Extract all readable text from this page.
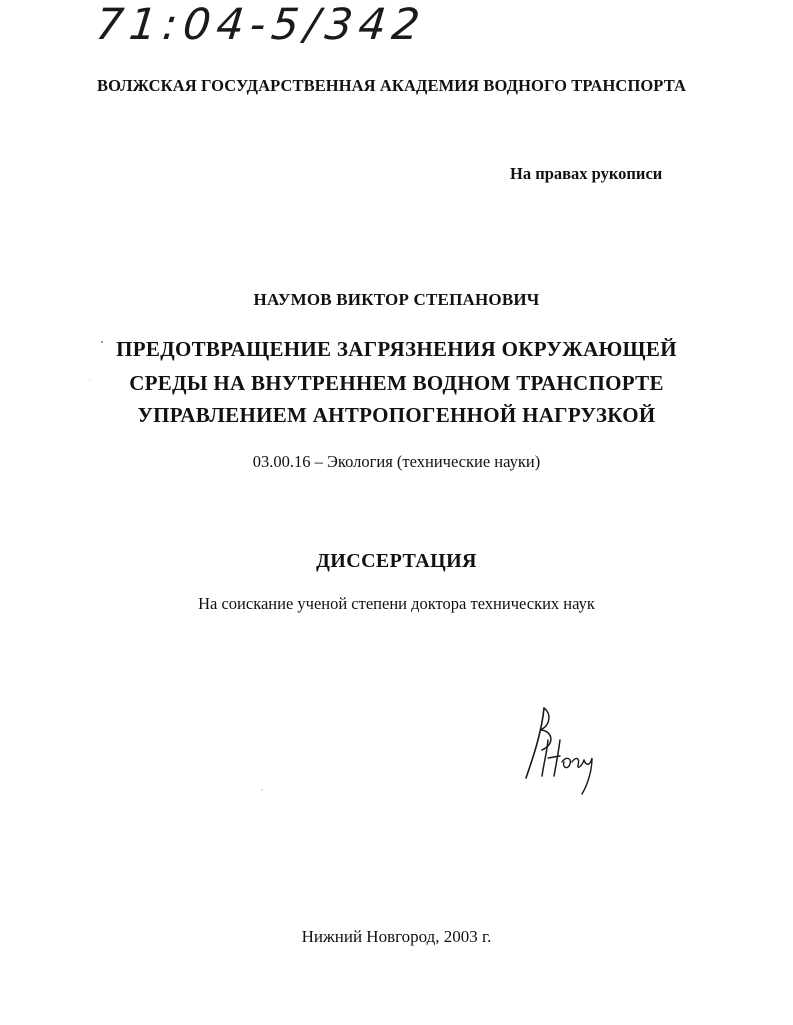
71:04-5/342
ВОЛЖСКАЯ ГОСУДАРСТВЕННАЯ АКАДЕМИЯ ВОДНОГО ТРАНСПОРТА
На правах рукописи
НАУМОВ ВИКТОР СТЕПАНОВИЧ
ПРЕДОТВРАЩЕНИЕ ЗАГРЯЗНЕНИЯ ОКРУЖАЮЩЕЙ
СРЕДЫ НА ВНУТРЕННЕМ ВОДНОМ ТРАНСПОРТЕ
УПРАВЛЕНИЕМ АНТРОПОГЕННОЙ НАГРУЗКОЙ
03.00.16 – Экология (технические науки)
ДИССЕРТАЦИЯ
На соискание ученой степени доктора технических наук
Нижний Новгород, 2003 г.
